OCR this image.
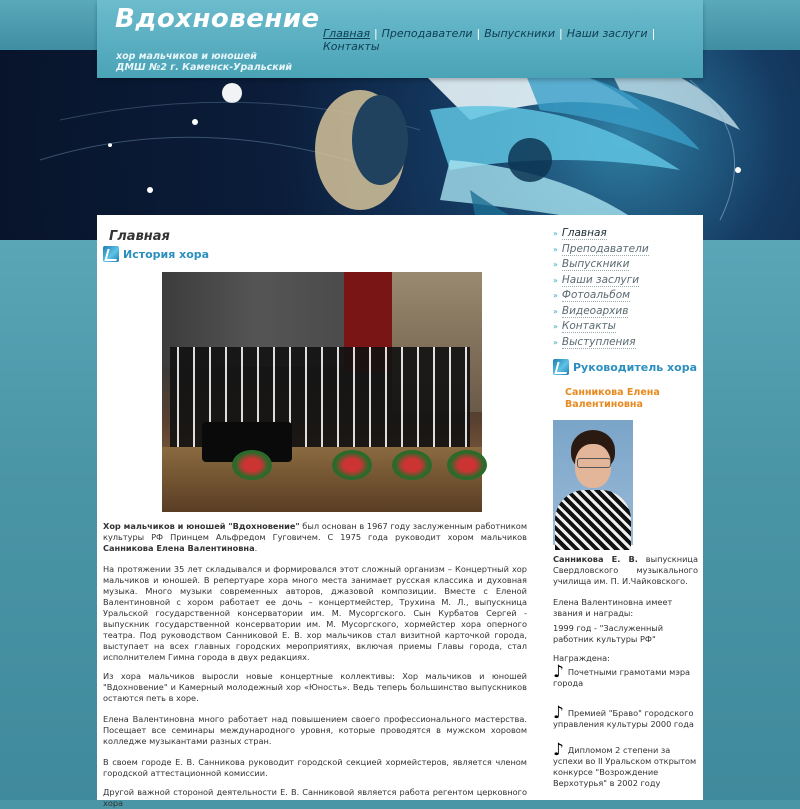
Вдохновение
хор мальчиков и юношей
ДМШ №2 г. Каменск-Уральский
Главная | Преподаватели | Выпускники | Наши заслуги |Контакты
Главная
История хора

Хор мальчиков и юношей "Вдохновение" был основан в 1967 году заслуженным работником культуры РФ Принцем Альфредом Гуговичем. С 1975 года руководит хором мальчиков Санникова Елена Валентиновна.

На протяжении 35 лет складывался и формировался этот сложный организм – Концертный хор мальчиков и юношей. В репертуаре хора много места занимает русская классика и духовная музыка. Много музыки современных авторов, джазовой композиции. Вместе с Еленой Валентиновной с хором работает ее дочь – концертмейстер, Трухина М. Л., выпускница Уральской государственной консерватории им. М. Мусоргского. Сын Курбатов Сергей - выпускник государственной консерватории им. М. Мусоргского, хормейстер хора оперного театра. Под руководством Санниковой Е. В. хор мальчиков стал визитной карточкой города, выступает на всех главных городских мероприятиях, включая приемы Главы города, стал исполнителем Гимна города в двух редакциях.

Из хора мальчиков выросли новые концертные коллективы: Хор мальчиков и юношей "Вдохновение" и Камерный молодежный хор «Юность». Ведь теперь большинство выпускников остаются петь в хоре.

Елена Валентиновна много работает над повышением своего профессионального мастерства. Посещает все семинары международного уровня, которые проводятся в мужском хоровом колледже музыкантами разных стран.

В своем городе Е. В. Санникова руководит городской секцией хормейстеров, является членом городской аттестационной комиссии.

Другой важной стороной деятельности Е. В. Санниковой является работа регентом церковного хора

» Главная
» Преподаватели
» Выпускники
» Наши заслуги
» Фотоальбом
» Видеоархив
» Контакты
» Выступления
Руководитель хора

Санникова Елена Валентиновна

Санникова Е. В. выпускница Свердловского музыкального училища им. П. И.Чайковского.

Елена Валентиновна имеет звания и награды:

1999 год - "Заслуженный работник культуры РФ"

Награждена:

♪ Почетными грамотами мэра города

♪ Премией "Браво" городского управления культуры 2000 года

♪ Дипломом 2 степени за успехи во II Уральском открытом конкурсе "Возрождение Верхотурья" в 2002 году
